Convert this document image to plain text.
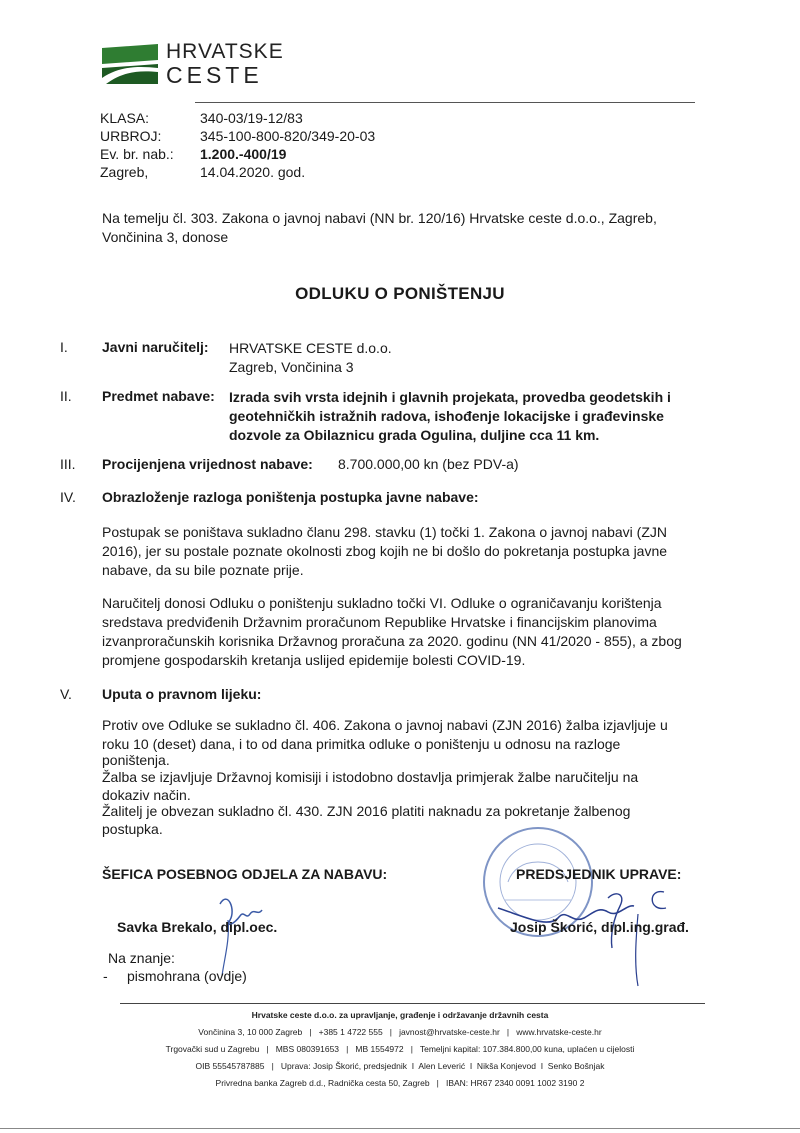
HRVATSKE
CESTE
KLASA:	340-03/19-12/83
URBROJ:	345-100-800-820/349-20-03
Ev. br. nab.: 1.200.-400/19
Zagreb,	14.04.2020. god.
Na temelju čl. 303. Zakona o javnoj nabavi (NN br. 120/16) Hrvatske ceste d.o.o., Zagreb,
Vončinina 3, donose
ODLUKU O PONIŠTENJU
I. Javni naručitelj: HRVATSKE CESTE d.o.o.
Zagreb, Vončinina 3
II. Predmet nabave: Izrada svih vrsta idejnih i glavnih projekata, provedba geodetskih i
geotehničkih istražnih radova, ishođenje lokacijske i građevinske
dozvole za Obilaznicu grada Ogulina, duljine cca 11 km.
III. Procijenjena vrijednost nabave: 8.700.000,00 kn (bez PDV-a)
IV. Obrazloženje razloga poništenja postupka javne nabave:
Postupak se poništava sukladno članu 298. stavku (1) točki 1. Zakona o javnoj nabavi (ZJN
2016), jer su postale poznate okolnosti zbog kojih ne bi došlo do pokretanja postupka javne
nabave, da su bile poznate prije.
Naručitelj donosi Odluku o poništenju sukladno točki VI. Odluke o ograničavanju korištenja
sredstava predviđenih Državnim proračunom Republike Hrvatske i financijskim planovima
izvanproračunskih korisnika Državnog proračuna za 2020. godinu (NN 41/2020 - 855), a zbog
promjene gospodarskih kretanja uslijed epidemije bolesti COVID-19.
V. Uputa o pravnom lijeku:
Protiv ove Odluke se sukladno čl. 406. Zakona o javnoj nabavi (ZJN 2016) žalba izjavljuje u
roku 10 (deset) dana, i to od dana primitka odluke o poništenju u odnosu na razloge
poništenja.
Žalba se izjavljuje Državnoj komisiji i istodobno dostavlja primjerak žalbe naručitelju na
dokaziv način.
Žalitelj je obvezan sukladno čl. 430. ZJN 2016 platiti naknadu za pokretanje žalbenog
postupka.
ŠEFICA POSEBNOG ODJELA ZA NABAVU:	PREDSJEDNIK UPRAVE:
Savka Brekalo, dipl.oec.	Josip Škorić, dipl.ing.građ.
Na znanje:
- pismohrana (ovdje)
Hrvatske ceste d.o.o. za upravljanje, građenje i održavanje državnih cesta
Vončinina 3, 10 000 Zagreb   |   +385 1 4722 555   |   javnost@hrvatske-ceste.hr   |   www.hrvatske-ceste.hr
Trgovački sud u Zagrebu   |   MBS 080391653   |   MB 1554972   |   Temeljni kapital: 107.384.800,00 kuna, uplaćen u cijelosti
OIB 55545787885   |   Uprava: Josip Škorić, predsjednik  I  Alen Leverić  I  Nikša Konjevod  I  Senko Bošnjak
Privredna banka Zagreb d.d., Radnička cesta 50, Zagreb   |   IBAN: HR67 2340 0091 1002 3190 2
